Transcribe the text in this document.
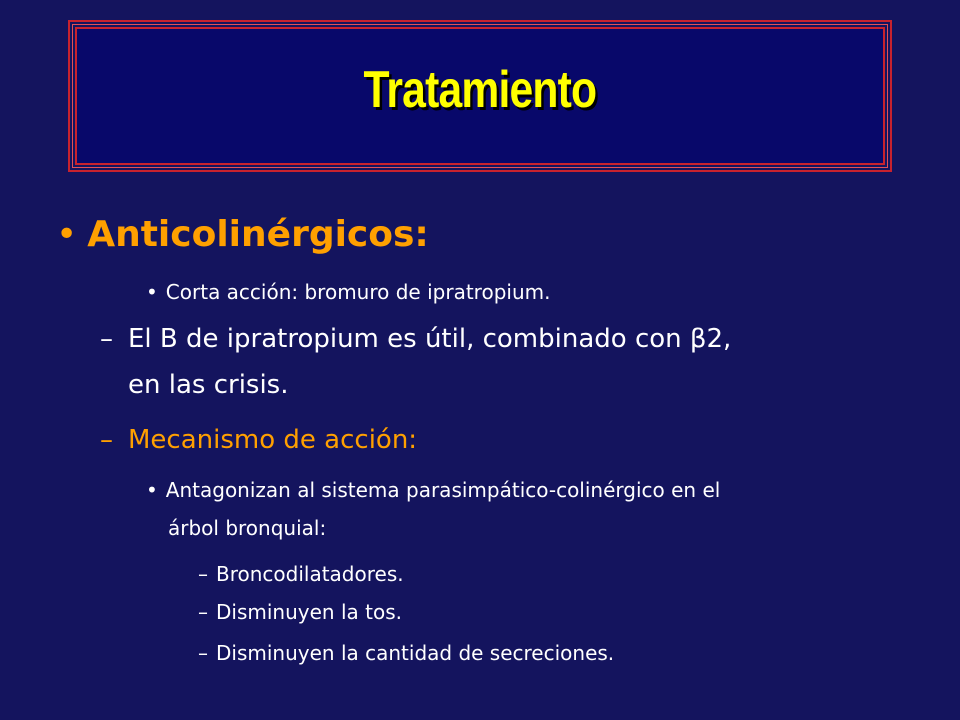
Tratamiento
• Anticolinérgicos:
• Corta acción: bromuro de ipratropium.
– El B de ipratropium es útil, combinado con β2,
en las crisis.
– Mecanismo de acción:
• Antagonizan al sistema parasimpático-colinérgico en el
árbol bronquial:
– Broncodilatadores.
– Disminuyen la tos.
– Disminuyen la cantidad de secreciones.
